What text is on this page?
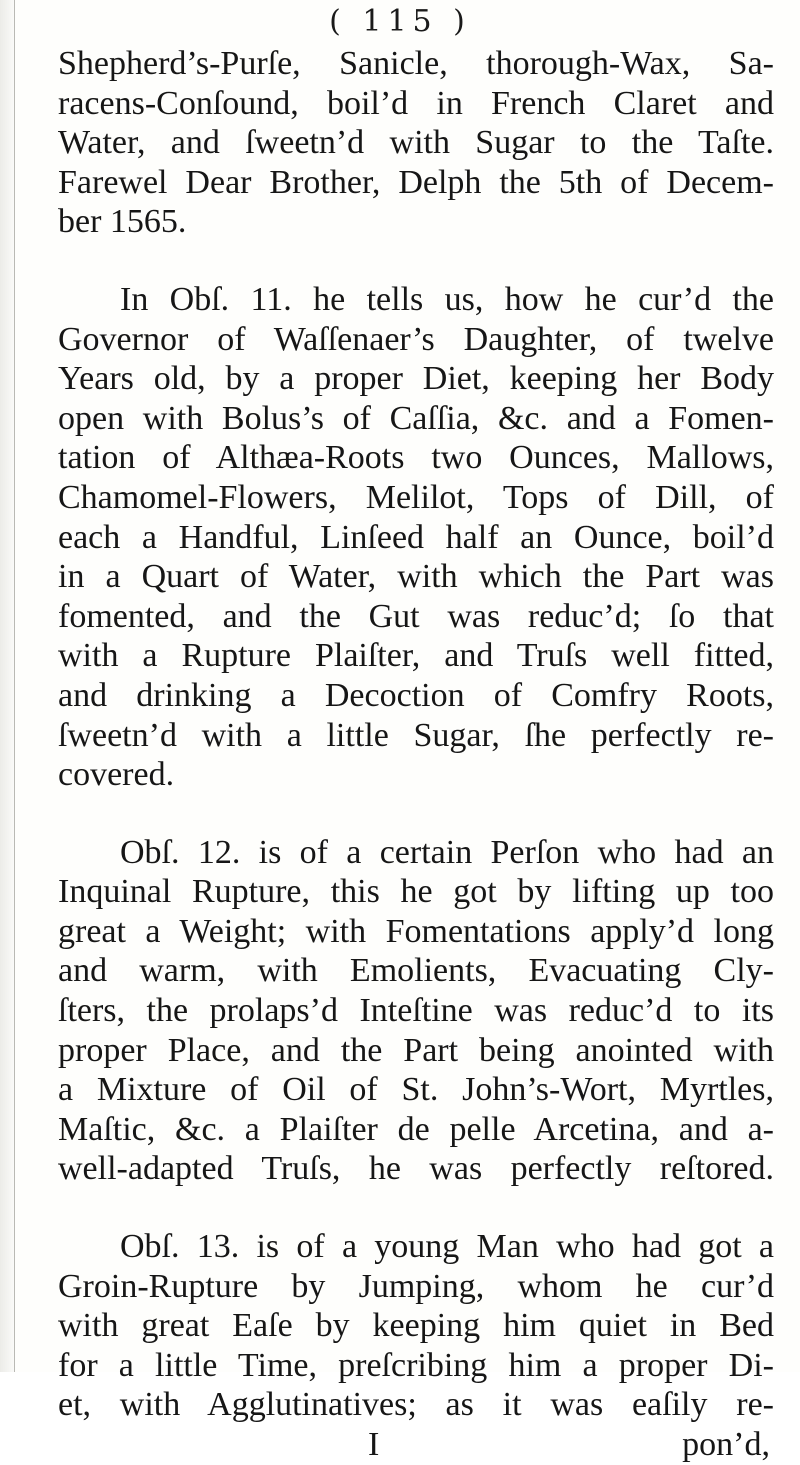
( 115 )
Shepherd’s-Purſe, Sanicle, thorough-Wax, Sa-
racens-Conſound, boil’d in French Claret and
Water, and ſweetn’d with Sugar to the Taſte.
Farewel Dear Brother, Delph the 5th of Decem-
ber 1565.
In Obſ. 11. he tells us, how he cur’d the
Governor of Waſſenaer’s Daughter, of twelve
Years old, by a proper Diet, keeping her Body
open with Bolus’s of Caſſia, &c. and a Fomen-
tation of Althæa-Roots two Ounces, Mallows,
Chamomel-Flowers, Melilot, Tops of Dill, of
each a Handful, Linſeed half an Ounce, boil’d
in a Quart of Water, with which the Part was
fomented, and the Gut was reduc’d; ſo that
with a Rupture Plaiſter, and Truſs well fitted,
and drinking a Decoction of Comfry Roots,
ſweetn’d with a little Sugar, ſhe perfectly re-
covered.
Obſ. 12. is of a certain Perſon who had an
Inquinal Rupture, this he got by lifting up too
great a Weight; with Fomentations apply’d long
and warm, with Emolients, Evacuating Cly-
ſters, the prolaps’d Inteſtine was reduc’d to its
proper Place, and the Part being anointed with
a Mixture of Oil of St. John’s-Wort, Myrtles,
Maſtic, &c. a Plaiſter de pelle Arcetina, and a-
well-adapted Truſs, he was perfectly reſtored.
Obſ. 13. is of a young Man who had got a
Groin-Rupture by Jumping, whom he cur’d
with great Eaſe by keeping him quiet in Bed
for a little Time, preſcribing him a proper Di-
et, with Agglutinatives; as it was eaſily re-
I	pon’d,
